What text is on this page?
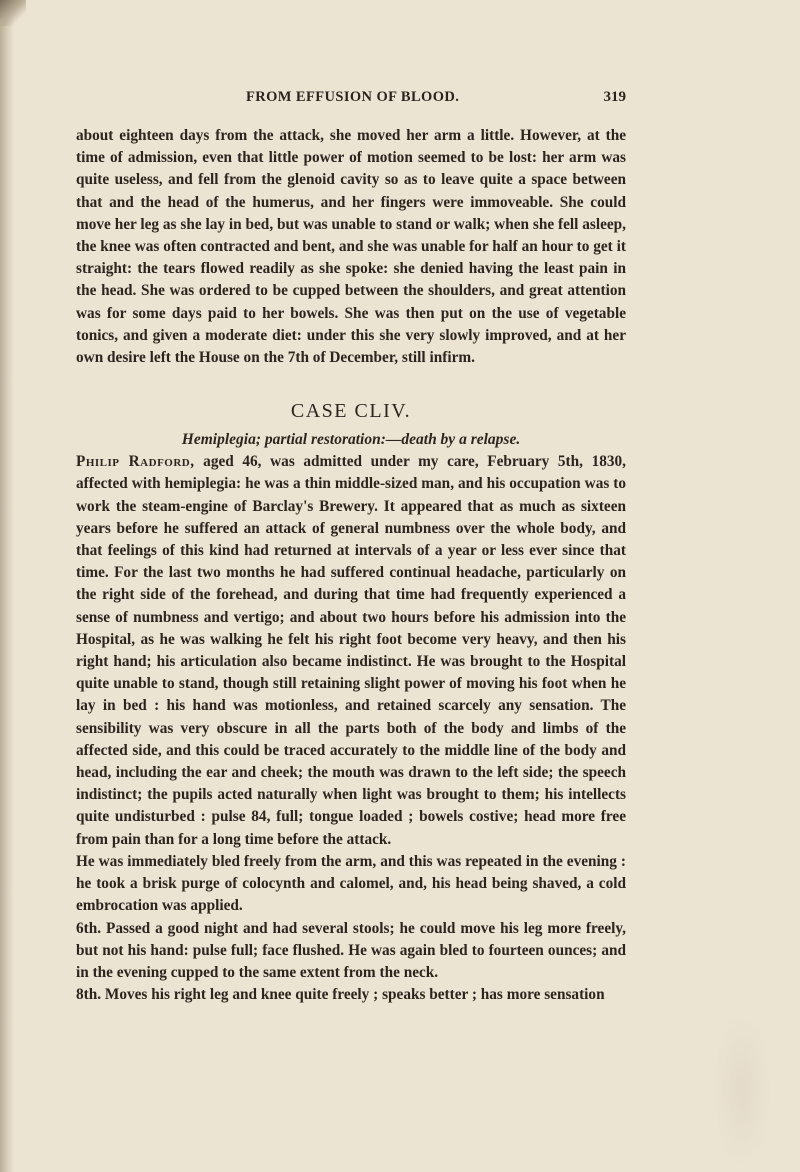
FROM EFFUSION OF BLOOD.	319

about eighteen days from the attack, she moved her arm a little. However, at the time of admission, even that little power of motion seemed to be lost: her arm was quite useless, and fell from the glenoid cavity so as to leave quite a space between that and the head of the humerus, and her fingers were immoveable. She could move her leg as she lay in bed, but was unable to stand or walk; when she fell asleep, the knee was often contracted and bent, and she was unable for half an hour to get it straight: the tears flowed readily as she spoke: she denied having the least pain in the head. She was ordered to be cupped between the shoulders, and great attention was for some days paid to her bowels. She was then put on the use of vegetable tonics, and given a moderate diet: under this she very slowly improved, and at her own desire left the House on the 7th of December, still infirm.

CASE CLIV.

Hemiplegia; partial restoration:—death by a relapse.

Philip Radford, aged 46, was admitted under my care, February 5th, 1830, affected with hemiplegia: he was a thin middle-sized man, and his occupation was to work the steam-engine of Barclay's Brewery. It appeared that as much as sixteen years before he suffered an attack of general numbness over the whole body, and that feelings of this kind had returned at intervals of a year or less ever since that time. For the last two months he had suffered continual headache, particularly on the right side of the forehead, and during that time had frequently experienced a sense of numbness and vertigo; and about two hours before his admission into the Hospital, as he was walking he felt his right foot become very heavy, and then his right hand; his articulation also became indistinct. He was brought to the Hospital quite unable to stand, though still retaining slight power of moving his foot when he lay in bed : his hand was motionless, and retained scarcely any sensation. The sensibility was very obscure in all the parts both of the body and limbs of the affected side, and this could be traced accurately to the middle line of the body and head, including the ear and cheek; the mouth was drawn to the left side; the speech indistinct; the pupils acted naturally when light was brought to them; his intellects quite undisturbed : pulse 84, full; tongue loaded ; bowels costive; head more free from pain than for a long time before the attack.

He was immediately bled freely from the arm, and this was repeated in the evening : he took a brisk purge of colocynth and calomel, and, his head being shaved, a cold embrocation was applied.

6th. Passed a good night and had several stools; he could move his leg more freely, but not his hand: pulse full; face flushed. He was again bled to fourteen ounces; and in the evening cupped to the same extent from the neck.

8th. Moves his right leg and knee quite freely ; speaks better ; has more sensation
